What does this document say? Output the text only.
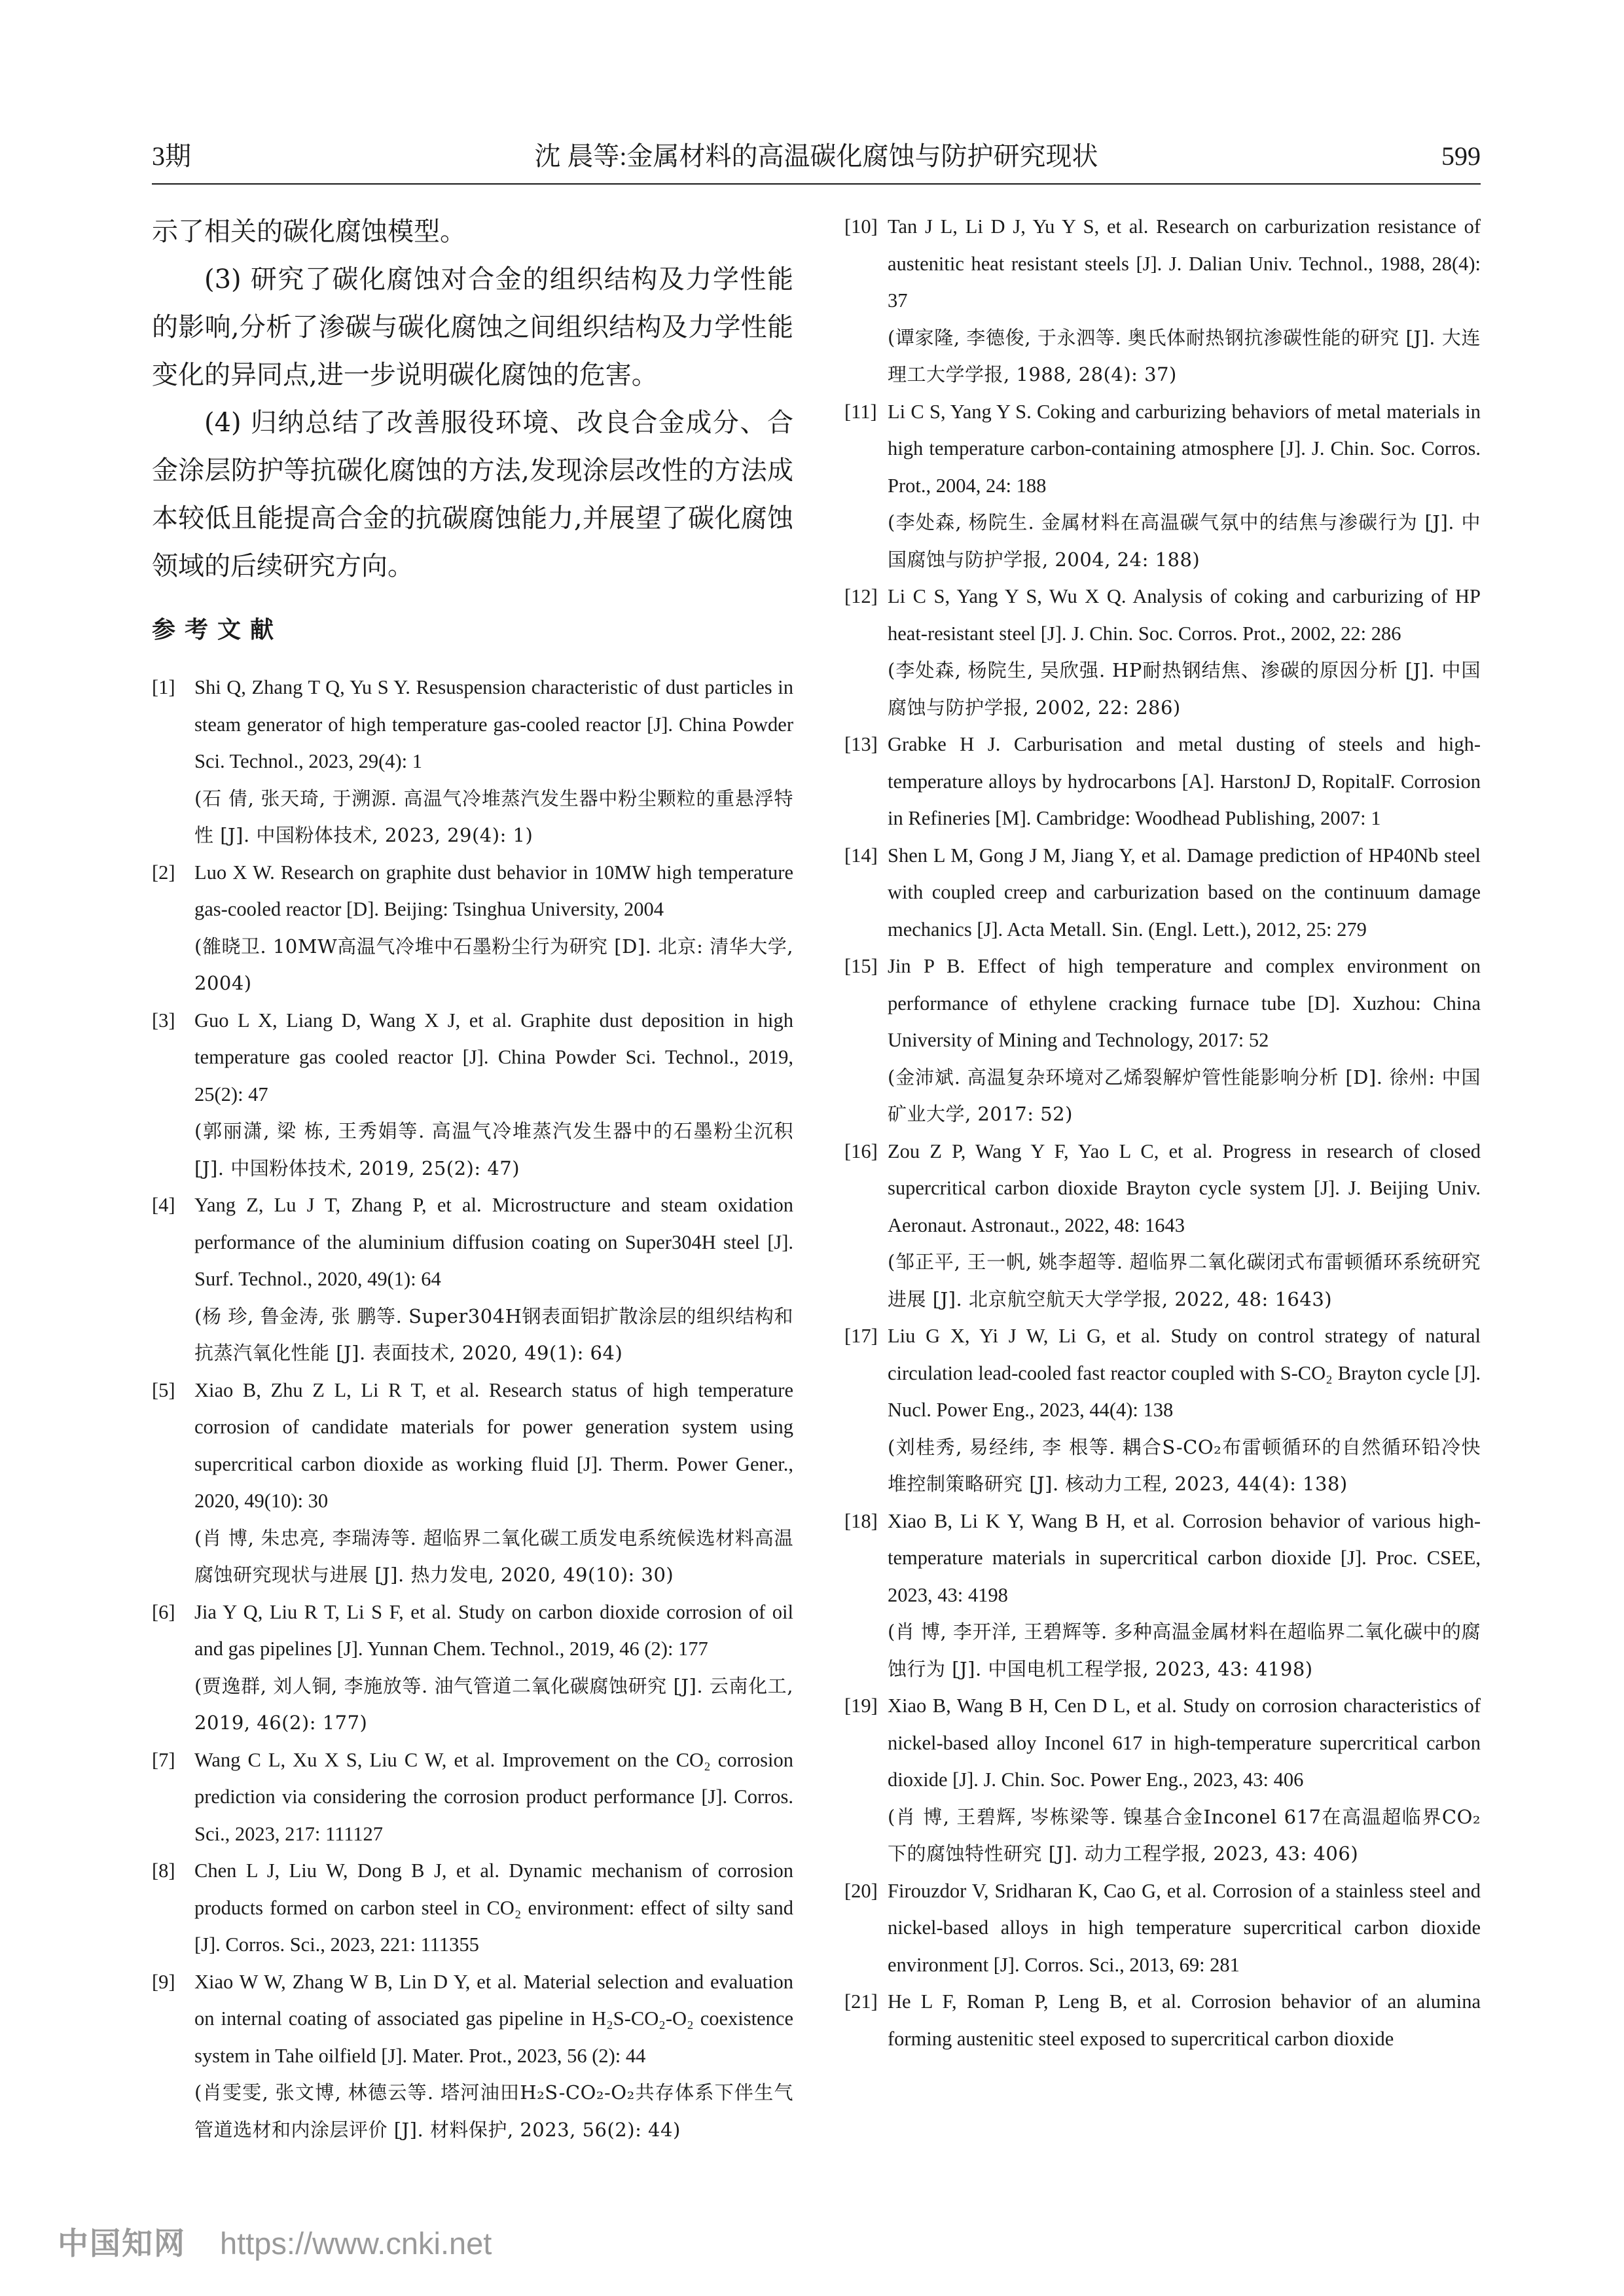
3期	沈 晨等:金属材料的高温碳化腐蚀与防护研究现状	599

示了相关的碳化腐蚀模型。

(3) 研究了碳化腐蚀对合金的组织结构及力学性能的影响,分析了渗碳与碳化腐蚀之间组织结构及力学性能变化的异同点,进一步说明碳化腐蚀的危害。

(4) 归纳总结了改善服役环境、改良合金成分、合金涂层防护等抗碳化腐蚀的方法,发现涂层改性的方法成本较低且能提高合金的抗碳腐蚀能力,并展望了碳化腐蚀领域的后续研究方向。

参考文献
[1] Shi Q, Zhang T Q, Yu S Y. Resuspension characteristic of dust particles in steam generator of high temperature gas-cooled reactor [J]. China Powder Sci. Technol., 2023, 29(4): 1
(石 倩, 张天琦, 于溯源. 高温气冷堆蒸汽发生器中粉尘颗粒的重悬浮特性 [J]. 中国粉体技术, 2023, 29(4): 1)
[2] Luo X W. Research on graphite dust behavior in 10MW high temperature gas-cooled reactor [D]. Beijing: Tsinghua University, 2004
(雒晓卫. 10MW高温气冷堆中石墨粉尘行为研究 [D]. 北京: 清华大学, 2004)
[3] Guo L X, Liang D, Wang X J, et al. Graphite dust deposition in high temperature gas cooled reactor [J]. China Powder Sci. Technol., 2019, 25(2): 47
(郭丽潇, 梁 栋, 王秀娟等. 高温气冷堆蒸汽发生器中的石墨粉尘沉积 [J]. 中国粉体技术, 2019, 25(2): 47)
[4] Yang Z, Lu J T, Zhang P, et al. Microstructure and steam oxidation performance of the aluminium diffusion coating on Super304H steel [J]. Surf. Technol., 2020, 49(1): 64
(杨 珍, 鲁金涛, 张 鹏等. Super304H钢表面铝扩散涂层的组织结构和抗蒸汽氧化性能 [J]. 表面技术, 2020, 49(1): 64)
[5] Xiao B, Zhu Z L, Li R T, et al. Research status of high temperature corrosion of candidate materials for power generation system using supercritical carbon dioxide as working fluid [J]. Therm. Power Gener., 2020, 49(10): 30
(肖 博, 朱忠亮, 李瑞涛等. 超临界二氧化碳工质发电系统候选材料高温腐蚀研究现状与进展 [J]. 热力发电, 2020, 49(10): 30)
[6] Jia Y Q, Liu R T, Li S F, et al. Study on carbon dioxide corrosion of oil and gas pipelines [J]. Yunnan Chem. Technol., 2019, 46 (2): 177
(贾逸群, 刘人铜, 李施放等. 油气管道二氧化碳腐蚀研究 [J]. 云南化工, 2019, 46(2): 177)
[7] Wang C L, Xu X S, Liu C W, et al. Improvement on the CO₂ corrosion prediction via considering the corrosion product performance [J]. Corros. Sci., 2023, 217: 111127
[8] Chen L J, Liu W, Dong B J, et al. Dynamic mechanism of corrosion products formed on carbon steel in CO₂ environment: effect of silty sand [J]. Corros. Sci., 2023, 221: 111355
[9] Xiao W W, Zhang W B, Lin D Y, et al. Material selection and evaluation on internal coating of associated gas pipeline in H₂S-CO₂-O₂ coexistence system in Tahe oilfield [J]. Mater. Prot., 2023, 56 (2): 44
(肖雯雯, 张文博, 林德云等. 塔河油田H₂S-CO₂-O₂共存体系下伴生气管道选材和内涂层评价 [J]. 材料保护, 2023, 56(2): 44)
[10] Tan J L, Li D J, Yu Y S, et al. Research on carburization resistance of austenitic heat resistant steels [J]. J. Dalian Univ. Technol., 1988, 28(4): 37
(谭家隆, 李德俊, 于永泗等. 奥氏体耐热钢抗渗碳性能的研究 [J]. 大连理工大学学报, 1988, 28(4): 37)
[11] Li C S, Yang Y S. Coking and carburizing behaviors of metal materials in high temperature carbon-containing atmosphere [J]. J. Chin. Soc. Corros. Prot., 2004, 24: 188
(李处森, 杨院生. 金属材料在高温碳气氛中的结焦与渗碳行为 [J]. 中国腐蚀与防护学报, 2004, 24: 188)
[12] Li C S, Yang Y S, Wu X Q. Analysis of coking and carburizing of HP heat-resistant steel [J]. J. Chin. Soc. Corros. Prot., 2002, 22: 286
(李处森, 杨院生, 吴欣强. HP耐热钢结焦、渗碳的原因分析 [J]. 中国腐蚀与防护学报, 2002, 22: 286)
[13] Grabke H J. Carburisation and metal dusting of steels and high-temperature alloys by hydrocarbons [A]. HarstonJ D, RopitalF. Corrosion in Refineries [M]. Cambridge: Woodhead Publishing, 2007: 1
[14] Shen L M, Gong J M, Jiang Y, et al. Damage prediction of HP40Nb steel with coupled creep and carburization based on the continuum damage mechanics [J]. Acta Metall. Sin. (Engl. Lett.), 2012, 25: 279
[15] Jin P B. Effect of high temperature and complex environment on performance of ethylene cracking furnace tube [D]. Xuzhou: China University of Mining and Technology, 2017: 52
(金沛斌. 高温复杂环境对乙烯裂解炉管性能影响分析 [D]. 徐州: 中国矿业大学, 2017: 52)
[16] Zou Z P, Wang Y F, Yao L C, et al. Progress in research of closed supercritical carbon dioxide Brayton cycle system [J]. J. Beijing Univ. Aeronaut. Astronaut., 2022, 48: 1643
(邹正平, 王一帆, 姚李超等. 超临界二氧化碳闭式布雷顿循环系统研究进展 [J]. 北京航空航天大学学报, 2022, 48: 1643)
[17] Liu G X, Yi J W, Li G, et al. Study on control strategy of natural circulation lead-cooled fast reactor coupled with S-CO₂ Brayton cycle [J]. Nucl. Power Eng., 2023, 44(4): 138
(刘桂秀, 易经纬, 李 根等. 耦合S-CO₂布雷顿循环的自然循环铅冷快堆控制策略研究 [J]. 核动力工程, 2023, 44(4): 138)
[18] Xiao B, Li K Y, Wang B H, et al. Corrosion behavior of various high-temperature materials in supercritical carbon dioxide [J]. Proc. CSEE, 2023, 43: 4198
(肖 博, 李开洋, 王碧辉等. 多种高温金属材料在超临界二氧化碳中的腐蚀行为 [J]. 中国电机工程学报, 2023, 43: 4198)
[19] Xiao B, Wang B H, Cen D L, et al. Study on corrosion characteristics of nickel-based alloy Inconel 617 in high-temperature supercritical carbon dioxide [J]. J. Chin. Soc. Power Eng., 2023, 43: 406
(肖 博, 王碧辉, 岑栋梁等. 镍基合金Inconel 617在高温超临界CO₂下的腐蚀特性研究 [J]. 动力工程学报, 2023, 43: 406)
[20] Firouzdor V, Sridharan K, Cao G, et al. Corrosion of a stainless steel and nickel-based alloys in high temperature supercritical carbon dioxide environment [J]. Corros. Sci., 2013, 69: 281
[21] He L F, Roman P, Leng B, et al. Corrosion behavior of an alumina forming austenitic steel exposed to supercritical carbon dioxide
中国知网 https://www.cnki.net
